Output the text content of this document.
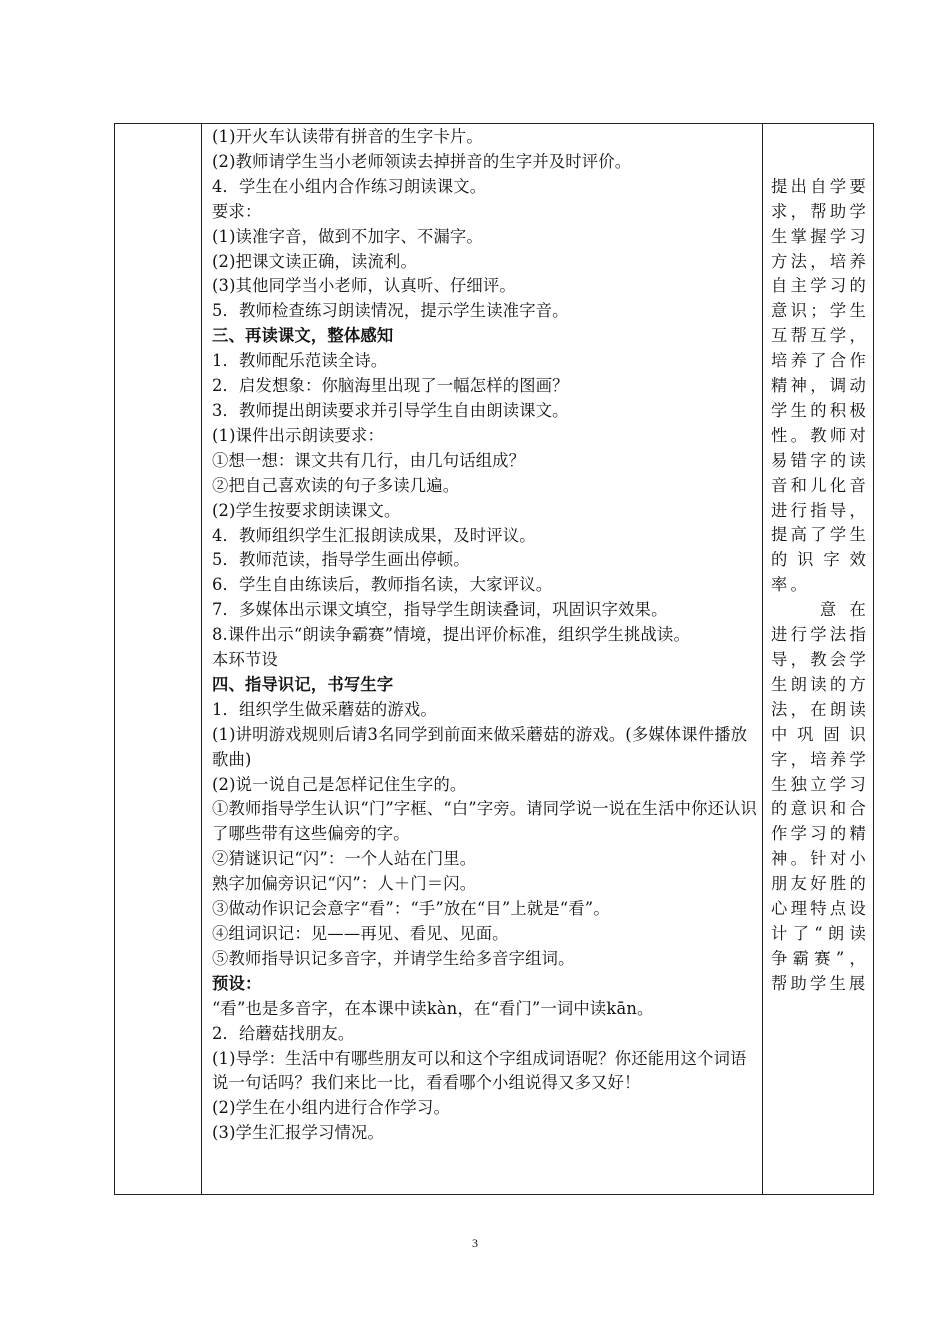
(1)开火车认读带有拼音的生字卡片。
(2)教师请学生当小老师领读去掉拼音的生字并及时评价。
4．学生在小组内合作练习朗读课文。
要求：
(1)读准字音，做到不加字、不漏字。
(2)把课文读正确，读流利。
(3)其他同学当小老师，认真听、仔细评。
5．教师检查练习朗读情况，提示学生读准字音。
三、再读课文，整体感知
1．教师配乐范读全诗。
2．启发想象：你脑海里出现了一幅怎样的图画？
3．教师提出朗读要求并引导学生自由朗读课文。
(1)课件出示朗读要求：
①想一想：课文共有几行，由几句话组成？
②把自己喜欢读的句子多读几遍。
(2)学生按要求朗读课文。
4．教师组织学生汇报朗读成果，及时评议。
5．教师范读，指导学生画出停顿。
6．学生自由练读后，教师指名读，大家评议。
7．多媒体出示课文填空，指导学生朗读叠词，巩固识字效果。
8.课件出示“朗读争霸赛”情境，提出评价标准，组织学生挑战读。
本环节设
四、指导识记，书写生字
1．组织学生做采蘑菇的游戏。
(1)讲明游戏规则后请3名同学到前面来做采蘑菇的游戏。(多媒体课件播放歌曲)
(2)说一说自己是怎样记住生字的。
①教师指导学生认识“门”字框、“白”字旁。请同学说一说在生活中你还认识了哪些带有这些偏旁的字。
②猜谜识记“闪”：一个人站在门里。
熟字加偏旁识记“闪”：人＋门＝闪。
③做动作识记会意字“看”：“手”放在“目”上就是“看”。
④组词识记：见——再见、看见、见面。
⑤教师指导识记多音字，并请学生给多音字组词。
预设：
“看”也是多音字，在本课中读kàn，在“看门”一词中读kān。
2．给蘑菇找朋友。
(1)导学：生活中有哪些朋友可以和这个字组成词语呢？你还能用这个词语说一句话吗？我们来比一比，看看哪个小组说得又多又好！
(2)学生在小组内进行合作学习。
(3)学生汇报学习情况。

提出自学要求，帮助学生掌握学习方法，培养自主学习的意识；学生互帮互学，培养了合作精神，调动学生的积极性。教师对易错字的读音和儿化音进行指导，提高了学生的识字效率。
意在进行学法指导，教会学生朗读的方法，在朗读中巩固识字，培养学生独立学习的意识和合作学习的精神。针对小朋友好胜的心理特点设计了“朗读争霸赛”，帮助学生展
3
